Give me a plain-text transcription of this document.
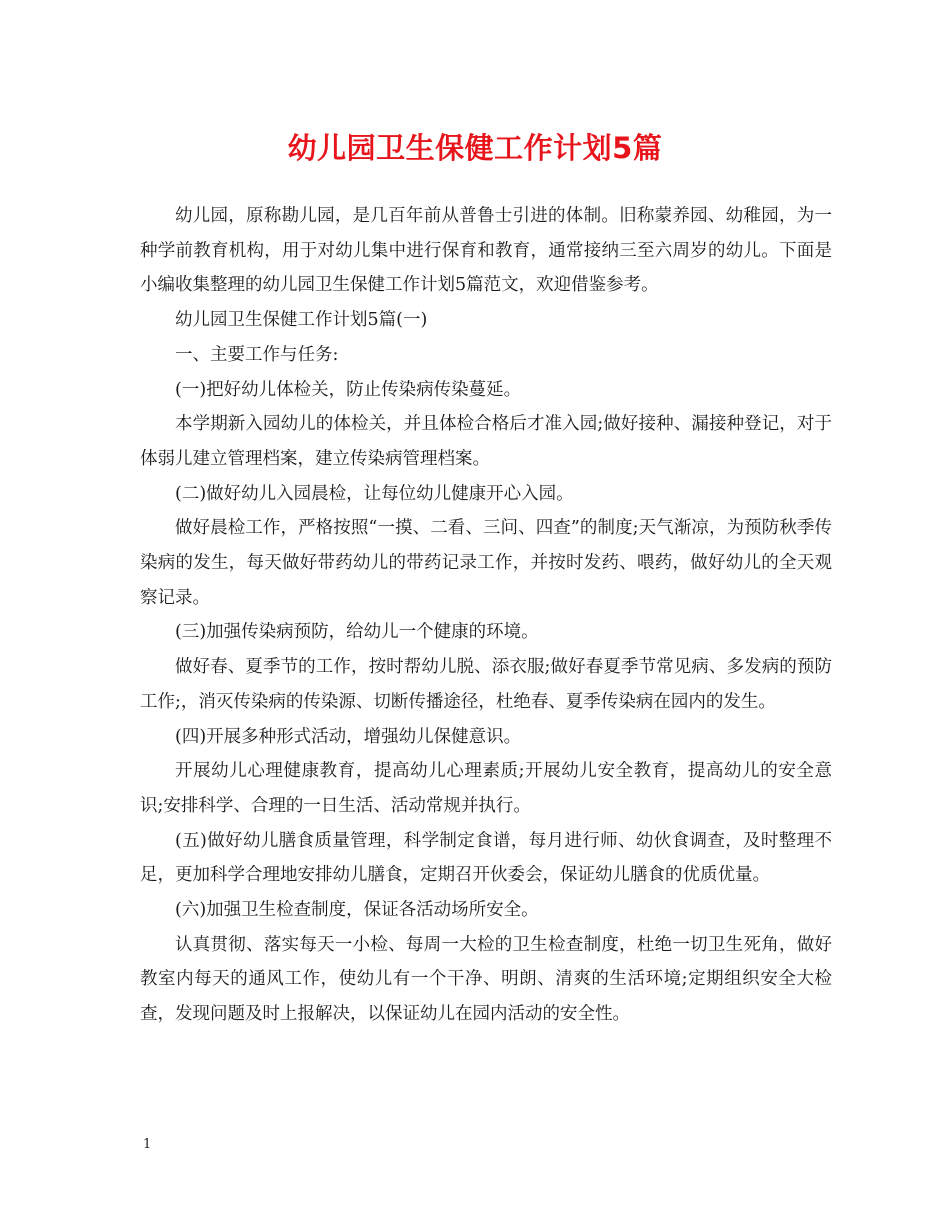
幼儿园卫生保健工作计划5篇

幼儿园，原称勘儿园，是几百年前从普鲁士引进的体制。旧称蒙养园、幼稚园，为一种学前教育机构，用于对幼儿集中进行保育和教育，通常接纳三至六周岁的幼儿。下面是小编收集整理的幼儿园卫生保健工作计划5篇范文，欢迎借鉴参考。

幼儿园卫生保健工作计划5篇(一)

一、主要工作与任务:

(一)把好幼儿体检关，防止传染病传染蔓延。

本学期新入园幼儿的体检关，并且体检合格后才准入园;做好接种、漏接种登记，对于体弱儿建立管理档案，建立传染病管理档案。

(二)做好幼儿入园晨检，让每位幼儿健康开心入园。

做好晨检工作，严格按照“一摸、二看、三问、四查”的制度;天气渐凉，为预防秋季传染病的发生，每天做好带药幼儿的带药记录工作，并按时发药、喂药，做好幼儿的全天观察记录。

(三)加强传染病预防，给幼儿一个健康的环境。

做好春、夏季节的工作，按时帮幼儿脱、添衣服;做好春夏季节常见病、多发病的预防工作;，消灭传染病的传染源、切断传播途径，杜绝春、夏季传染病在园内的发生。

(四)开展多种形式活动，增强幼儿保健意识。

开展幼儿心理健康教育，提高幼儿心理素质;开展幼儿安全教育，提高幼儿的安全意识;安排科学、合理的一日生活、活动常规并执行。

(五)做好幼儿膳食质量管理，科学制定食谱，每月进行师、幼伙食调查，及时整理不足，更加科学合理地安排幼儿膳食，定期召开伙委会，保证幼儿膳食的优质优量。

(六)加强卫生检查制度，保证各活动场所安全。

认真贯彻、落实每天一小检、每周一大检的卫生检查制度，杜绝一切卫生死角，做好教室内每天的通风工作，使幼儿有一个干净、明朗、清爽的生活环境;定期组织安全大检查，发现问题及时上报解决，以保证幼儿在园内活动的安全性。

1
